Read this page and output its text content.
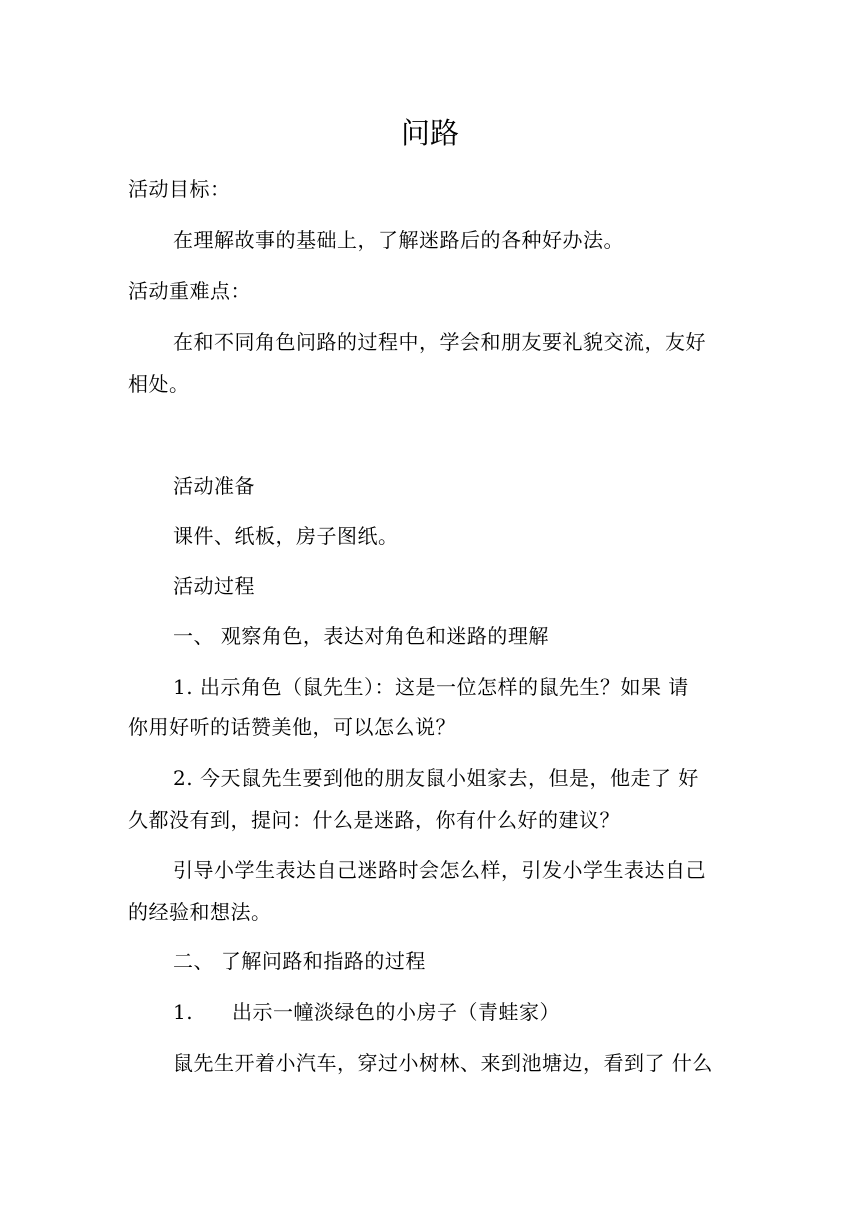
问路
活动目标：
在理解故事的基础上，了解迷路后的各种好办法。
活动重难点：
在和不同角色问路的过程中，学会和朋友要礼貌交流，友好
相处。
活动准备
课件、纸板，房子图纸。
活动过程
一、 观察角色，表达对角色和迷路的理解
1. 出示角色（鼠先生）：这是一位怎样的鼠先生？如果 请
你用好听的话赞美他，可以怎么说？
2. 今天鼠先生要到他的朋友鼠小姐家去，但是，他走了 好
久都没有到，提问：什么是迷路，你有什么好的建议？
引导小学生表达自己迷路时会怎么样，引发小学生表达自己
的经验和想法。
二、 了解问路和指路的过程
1. 出示一幢淡绿色的小房子（青蛙家）
鼠先生开着小汽车，穿过小树林、来到池塘边，看到了 什么
